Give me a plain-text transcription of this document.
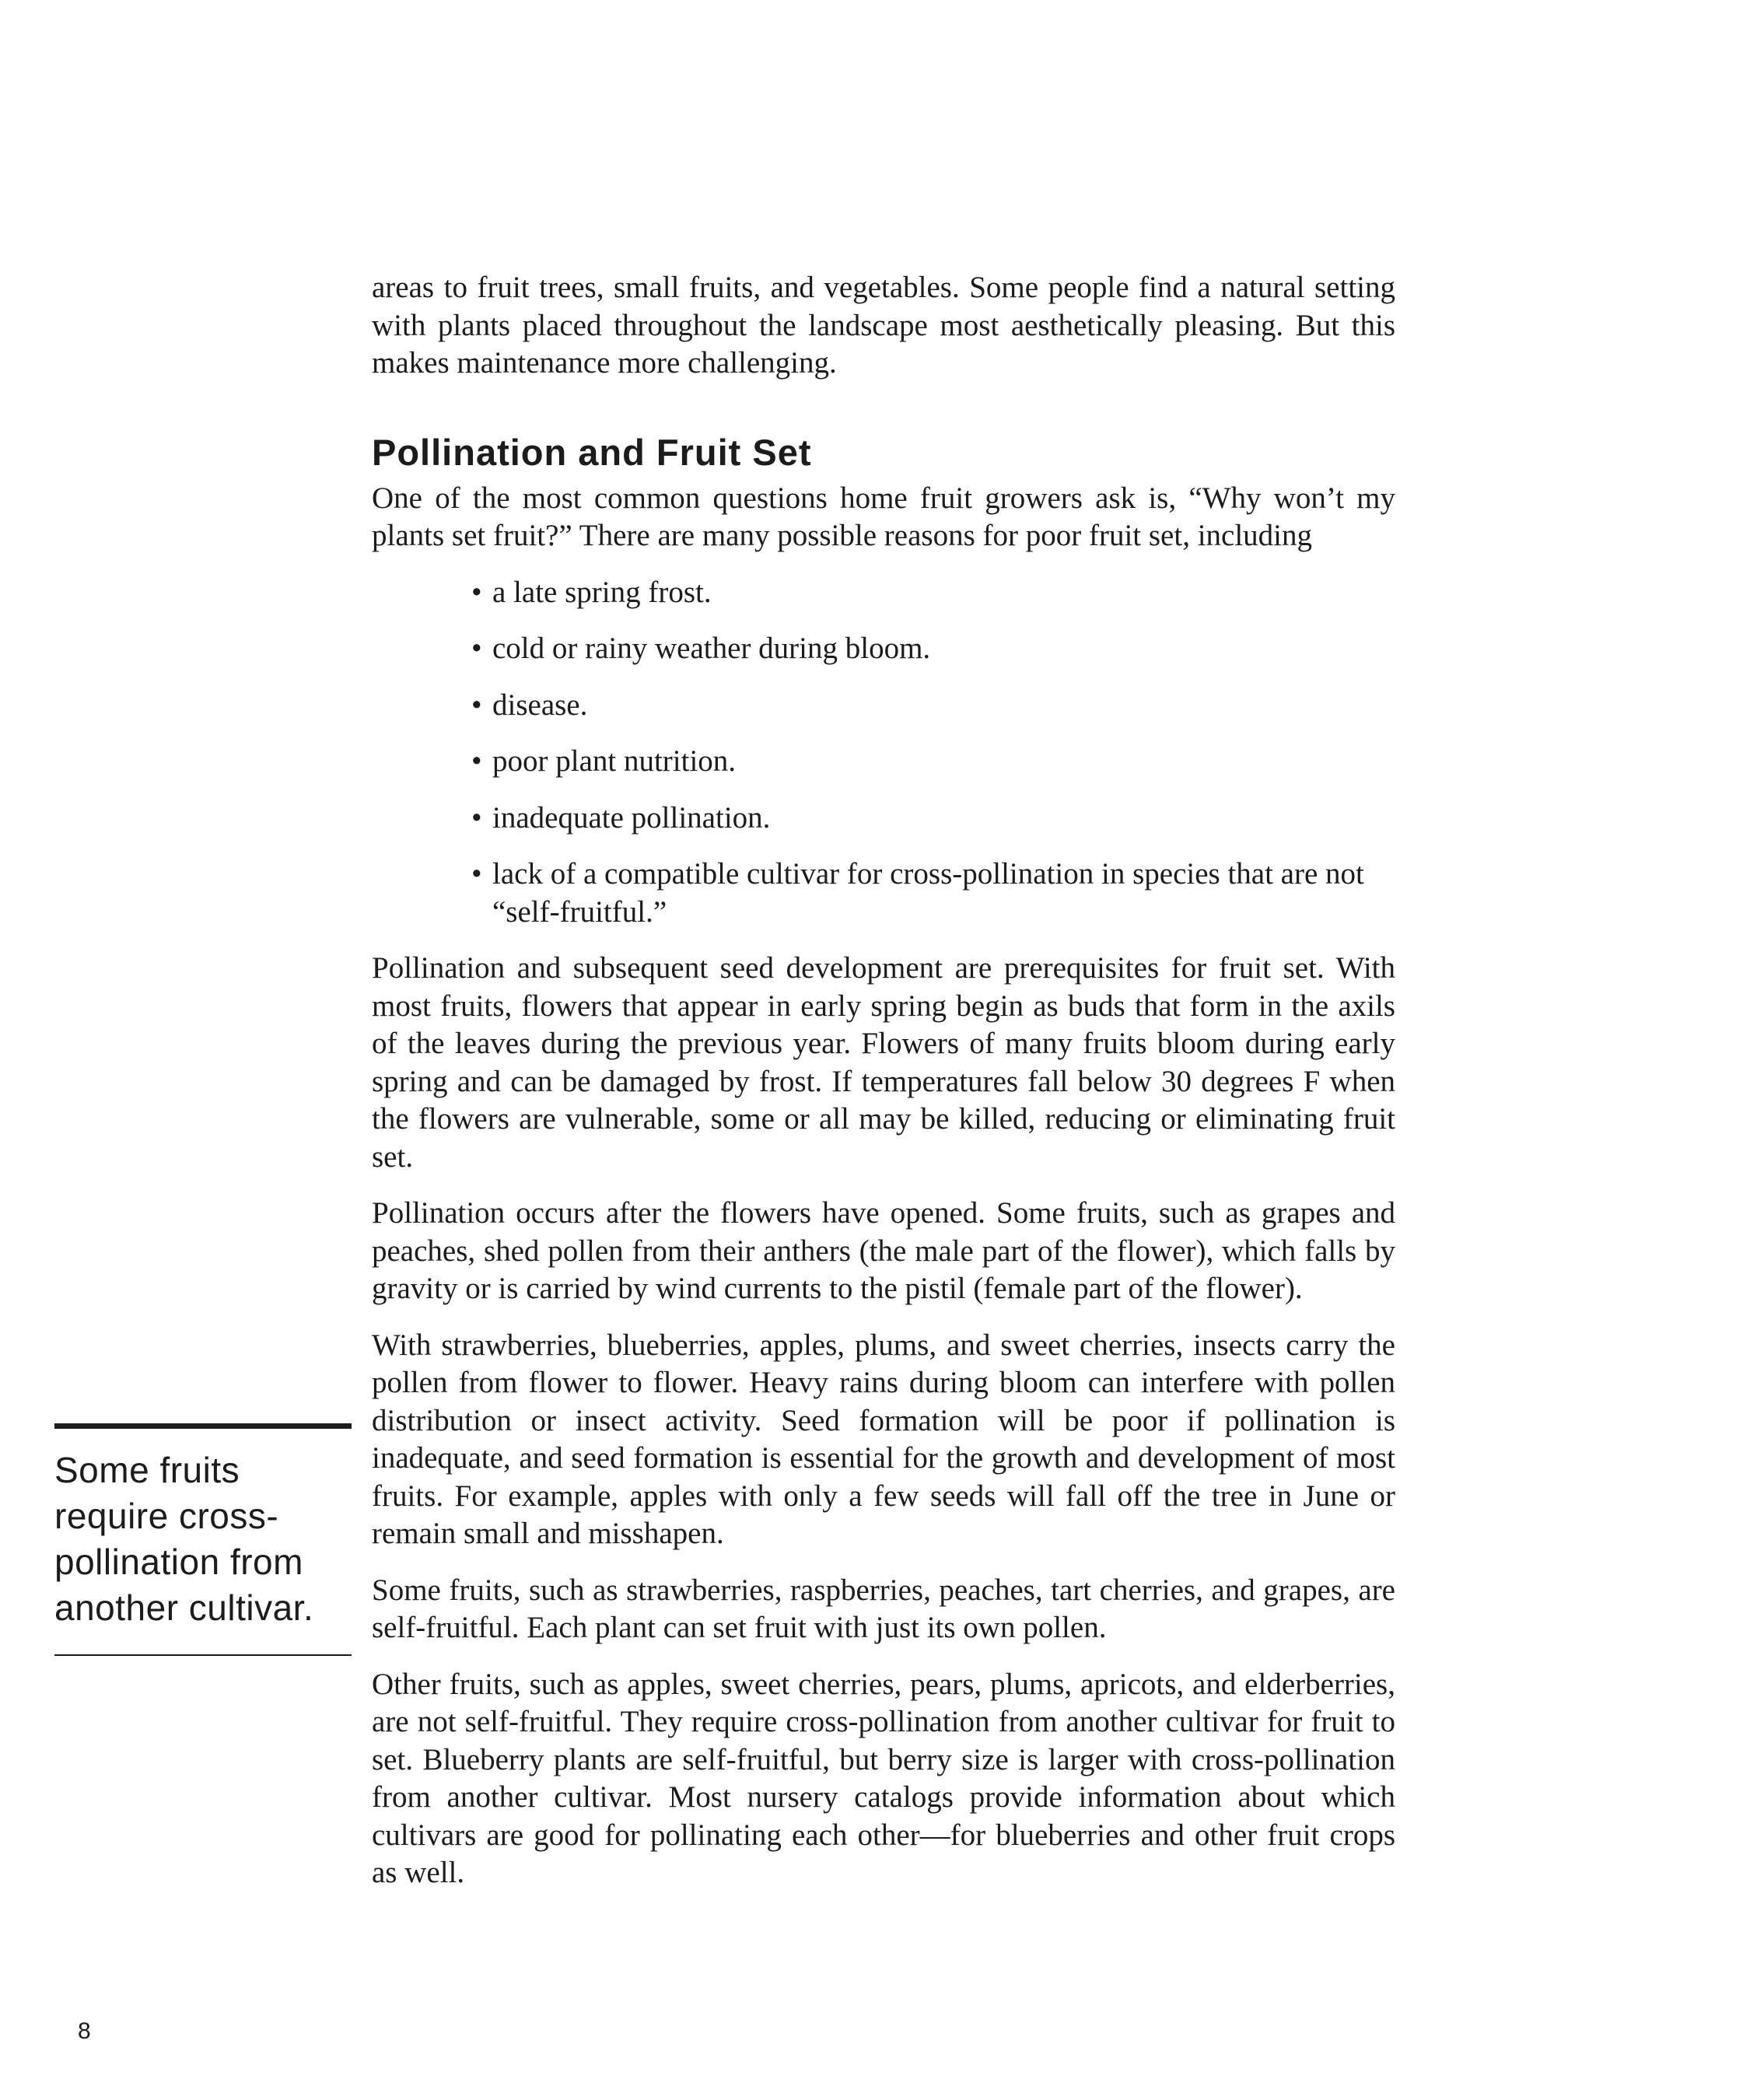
areas to fruit trees, small fruits, and vegetables. Some people find a natural setting with plants placed throughout the landscape most aesthetically pleasing. But this makes maintenance more challenging.

Pollination and Fruit Set

One of the most common questions home fruit growers ask is, “Why won’t my plants set fruit?” There are many possible reasons for poor fruit set, including

• a late spring frost.
• cold or rainy weather during bloom.
• disease.
• poor plant nutrition.
• inadequate pollination.
• lack of a compatible cultivar for cross-pollination in species that are not “self-fruitful.”

Pollination and subsequent seed development are prerequisites for fruit set. With most fruits, flowers that appear in early spring begin as buds that form in the axils of the leaves during the previous year. Flowers of many fruits bloom during early spring and can be damaged by frost. If temperatures fall below 30 degrees F when the flowers are vulnerable, some or all may be killed, reducing or eliminating fruit set.

Pollination occurs after the flowers have opened. Some fruits, such as grapes and peaches, shed pollen from their anthers (the male part of the flower), which falls by gravity or is carried by wind currents to the pistil (female part of the flower).

With strawberries, blueberries, apples, plums, and sweet cherries, insects carry the pollen from flower to flower. Heavy rains during bloom can interfere with pollen distribution or insect activity. Seed formation will be poor if pollination is inadequate, and seed formation is essential for the growth and development of most fruits. For example, apples with only a few seeds will fall off the tree in June or remain small and misshapen.

Some fruits, such as strawberries, raspberries, peaches, tart cherries, and grapes, are self-fruitful. Each plant can set fruit with just its own pollen.

Other fruits, such as apples, sweet cherries, pears, plums, apricots, and elderberries, are not self-fruitful. They require cross-pollination from another cultivar for fruit to set. Blueberry plants are self-fruitful, but berry size is larger with cross-pollination from another cultivar. Most nursery catalogs provide information about which cultivars are good for pollinating each other—for blueberries and other fruit crops as well.

Some fruits
require cross-
pollination from
another cultivar.
8
